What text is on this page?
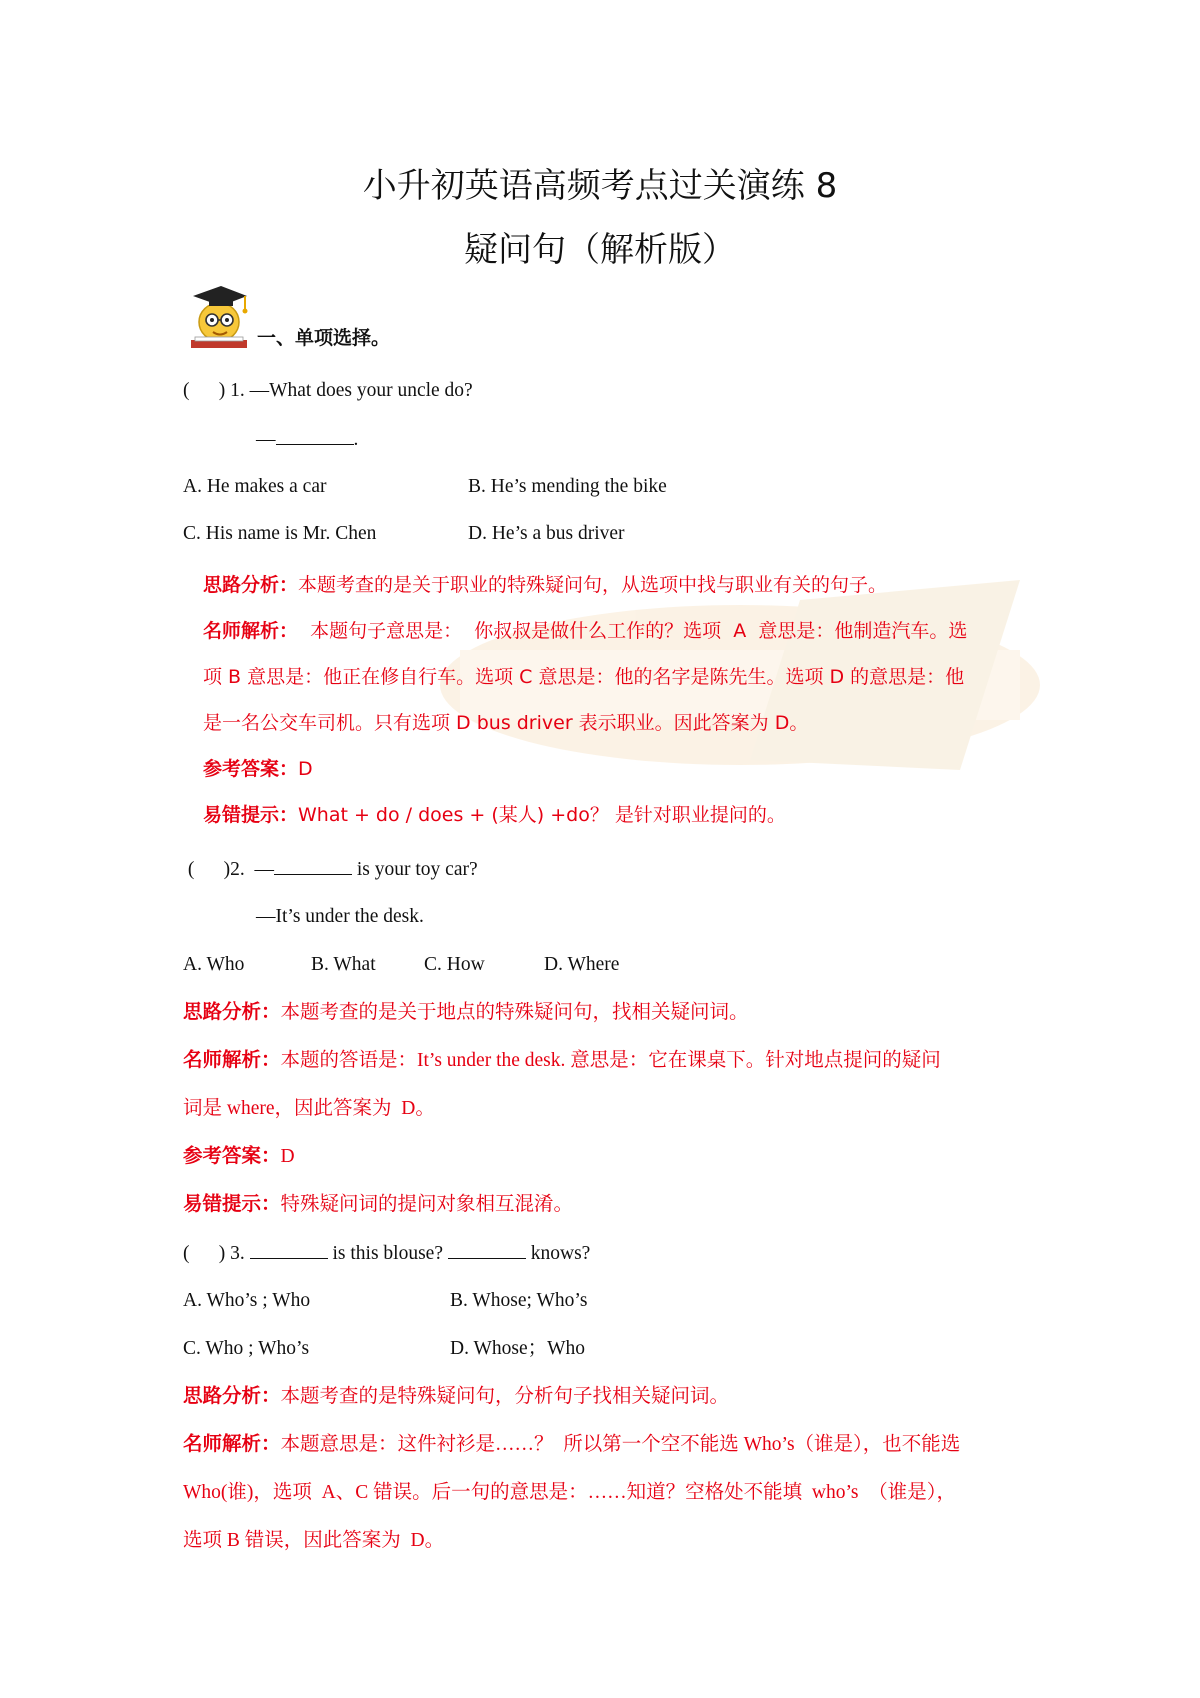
小升初英语高频考点过关演练 8
疑问句（解析版）
一、单项选择。
(      ) 1. —What does your uncle do?
—	.
A. He makes a car	B. He’s mending the bike
C. His name is Mr. Chen	D. He’s a bus driver
思路分析：本题考查的是关于职业的特殊疑问句，从选项中找与职业有关的句子。
名师解析：  本题句子意思是：  你叔叔是做什么工作的？选项  A  意思是：他制造汽车。选
项 B 意思是：他正在修自行车。选项 C 意思是：他的名字是陈先生。选项 D 的意思是：他
是一名公交车司机。只有选项 D bus driver 表示职业。因此答案为 D。
参考答案：D
易错提示：What + do / does + (某人) +do？ 是针对职业提问的。
(      )2.  —	is your toy car?
—It’s under the desk.
A. Who	B. What C. How	D. Where
思路分析：本题考查的是关于地点的特殊疑问句，找相关疑问词。
名师解析：本题的答语是：It’s under the desk. 意思是：它在课桌下。针对地点提问的疑问
词是 where，因此答案为  D。
参考答案：D
易错提示：特殊疑问词的提问对象相互混淆。
(      ) 3.	is this blouse?	knows?
A. Who’s ; Who	B. Whose; Who’s
C. Who ; Who’s	D. Whose；Who
思路分析：本题考查的是特殊疑问句，分析句子找相关疑问词。
名师解析：本题意思是：这件衬衫是……？  所以第一个空不能选 Who’s（谁是），也不能选
Who(谁)，选项  A、C 错误。后一句的意思是：……知道？空格处不能填  who’s  （谁是），
选项 B 错误，因此答案为  D。
